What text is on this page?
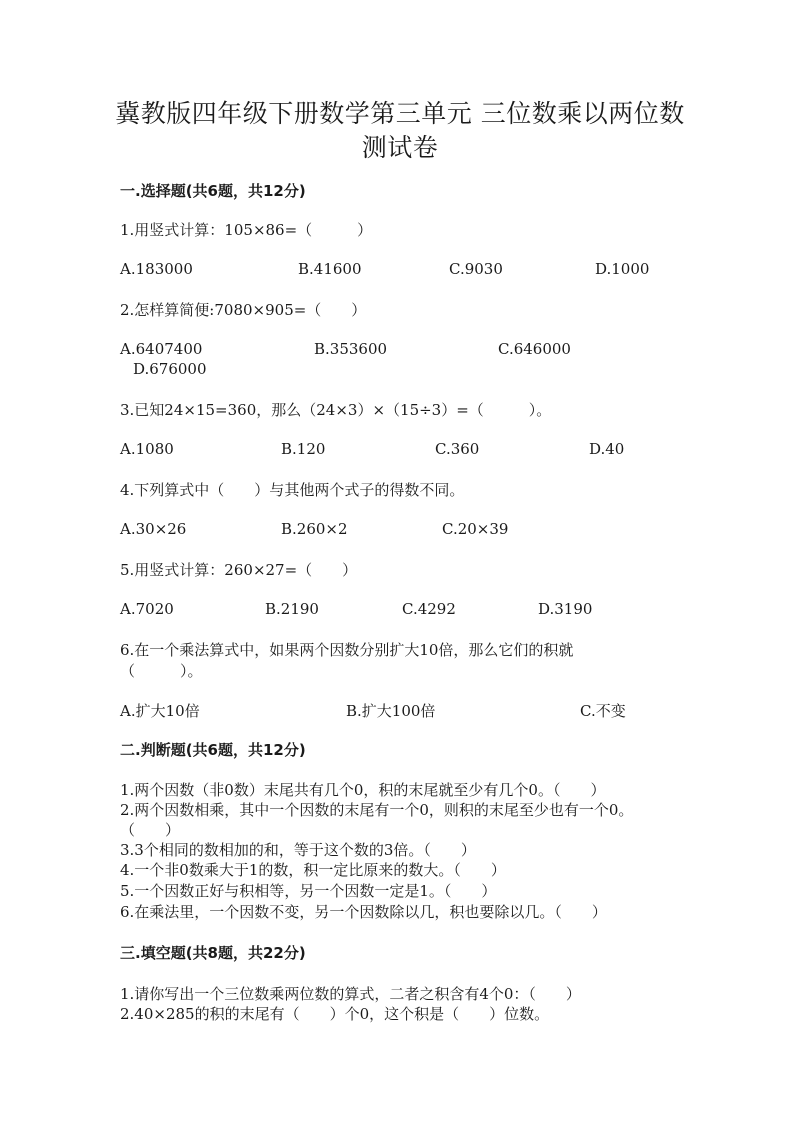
冀教版四年级下册数学第三单元 三位数乘以两位数
测试卷
一.选择题(共6题，共12分)
1.用竖式计算：105×86=（　　　）
A.183000	B.41600	C.9030	D.1000
2.怎样算简便:7080×905=（　　）
A.6407400	B.353600	C.646000
D.676000
3.已知24×15=360，那么（24×3）×（15÷3）=（　　　）。
A.1080	B.120	C.360	D.40
4.下列算式中（　　）与其他两个式子的得数不同。
A.30×26	B.260×2	C.20×39
5.用竖式计算：260×27=（　　）
A.7020	B.2190	C.4292	D.3190
6.在一个乘法算式中，如果两个因数分别扩大10倍，那么它们的积就
（　　　）。
A.扩大10倍	B.扩大100倍	C.不变
二.判断题(共6题，共12分)
1.两个因数（非0数）末尾共有几个0，积的末尾就至少有几个0。（　　）
2.两个因数相乘，其中一个因数的末尾有一个0，则积的末尾至少也有一个0。
（　　）
3.3个相同的数相加的和，等于这个数的3倍。（　　）
4.一个非0数乘大于1的数，积一定比原来的数大。（　　）
5.一个因数正好与积相等，另一个因数一定是1。（　　）
6.在乘法里，一个因数不变，另一个因数除以几，积也要除以几。（　　）
三.填空题(共8题，共22分)
1.请你写出一个三位数乘两位数的算式，二者之积含有4个0：（　　）
2.40×285的积的末尾有（　　）个0，这个积是（　　）位数。
